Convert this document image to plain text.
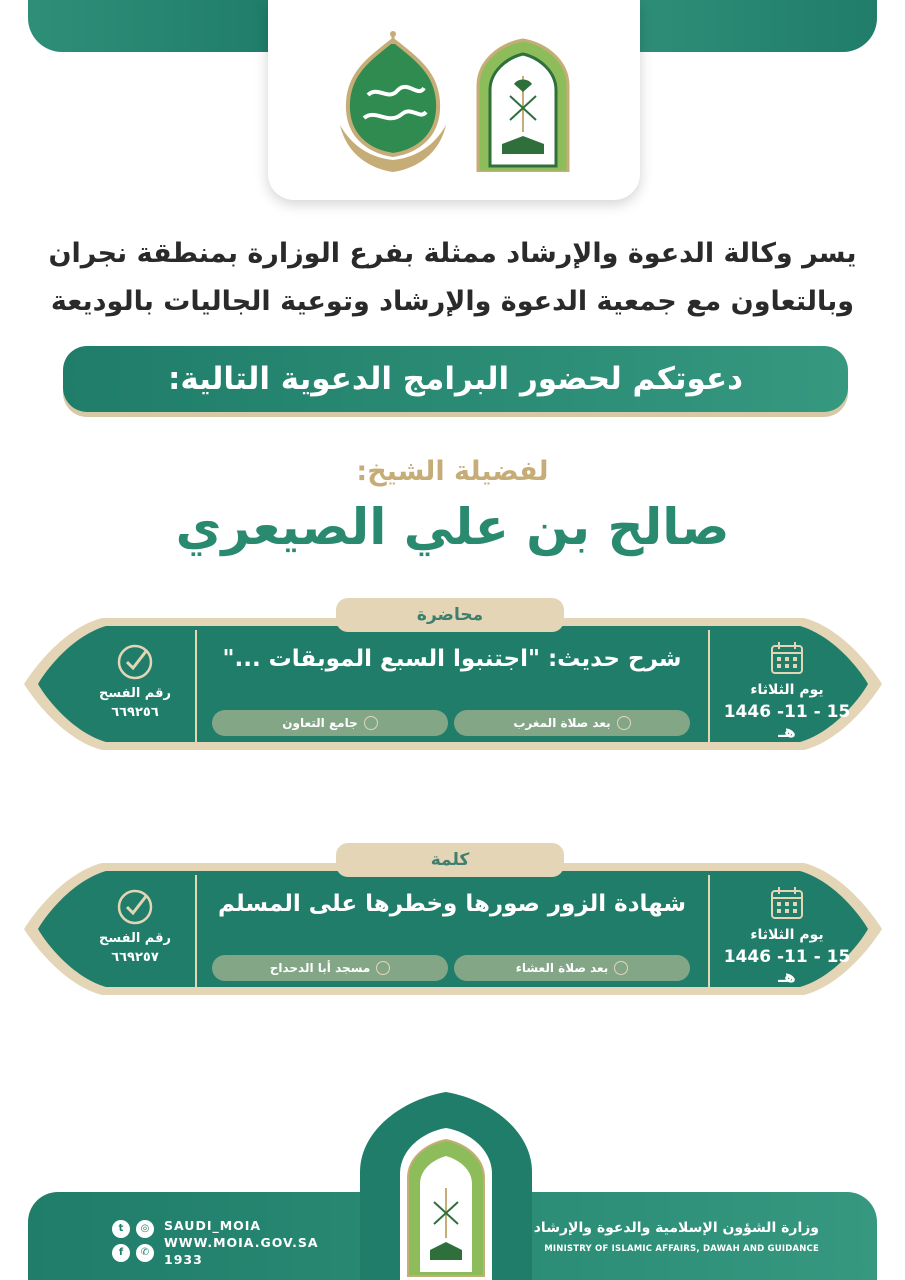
يسر وكالة الدعوة والإرشاد ممثلة بفرع الوزارة بمنطقة نجران
وبالتعاون مع جمعية الدعوة والإرشاد وتوعية الجاليات بالوديعة
دعوتكم لحضور البرامج الدعوية التالية:
لفضيلة الشيخ:
صالح بن علي الصيعري
محاضرة
يوم الثلاثاء
15 - 11- 1446 هـ
شرح حديث: "اجتنبوا السبع الموبقات ..."
بعد صلاة المغرب
جامع التعاون
رقم الفسح
٦٦٩٢٥٦
كلمة
يوم الثلاثاء
15 - 11- 1446 هـ
شهادة الزور صورها وخطرها على المسلم
بعد صلاة العشاء
مسجد أبا الدحداح
رقم الفسح
٦٦٩٢٥٧
t	◎
f	✆
SAUDI_MOIA
WWW.MOIA.GOV.SA
1933
وزارة الشؤون الإسلامية والدعوة والإرشاد
MINISTRY OF ISLAMIC AFFAIRS, DAWAH AND GUIDANCE
